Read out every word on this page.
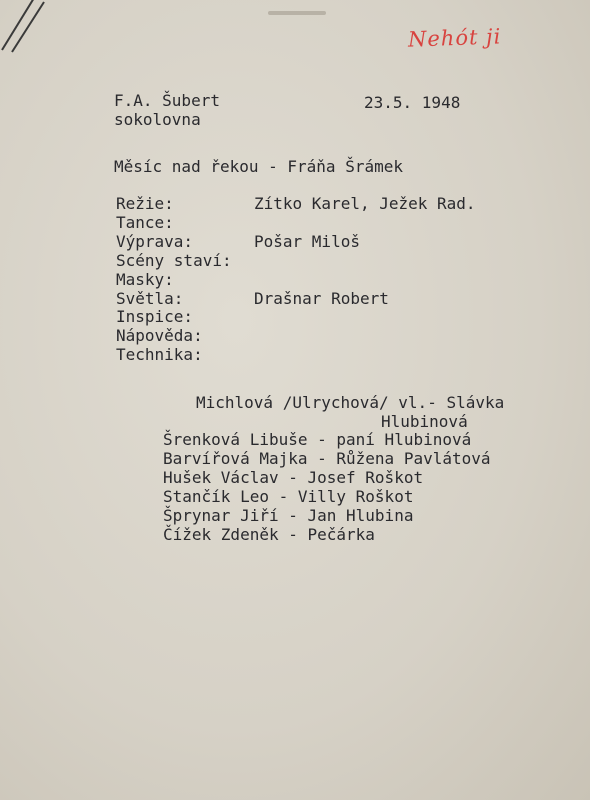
Nehót ji
F.A. Šubert
sokolovna
23.5. 1948
Měsíc nad řekou - Fráňa Šrámek
Režie:	Zítko Karel, Ježek Rad.
Tance:
Výprava:	Pošar Miloš
Scény staví:
Masky:
Světla:	Drašnar Robert
Inspice:
Nápověda:
Technika:
Michlová /Ulrychová/ vl.- Slávka
Hlubinová
Šrenková Libuše - paní Hlubinová
Barvířová Majka - Růžena Pavlátová
Hušek Václav - Josef Roškot
Stančík Leo - Villy Roškot
Šprynar Jiří - Jan Hlubina
Čížek Zdeněk - Pečárka
